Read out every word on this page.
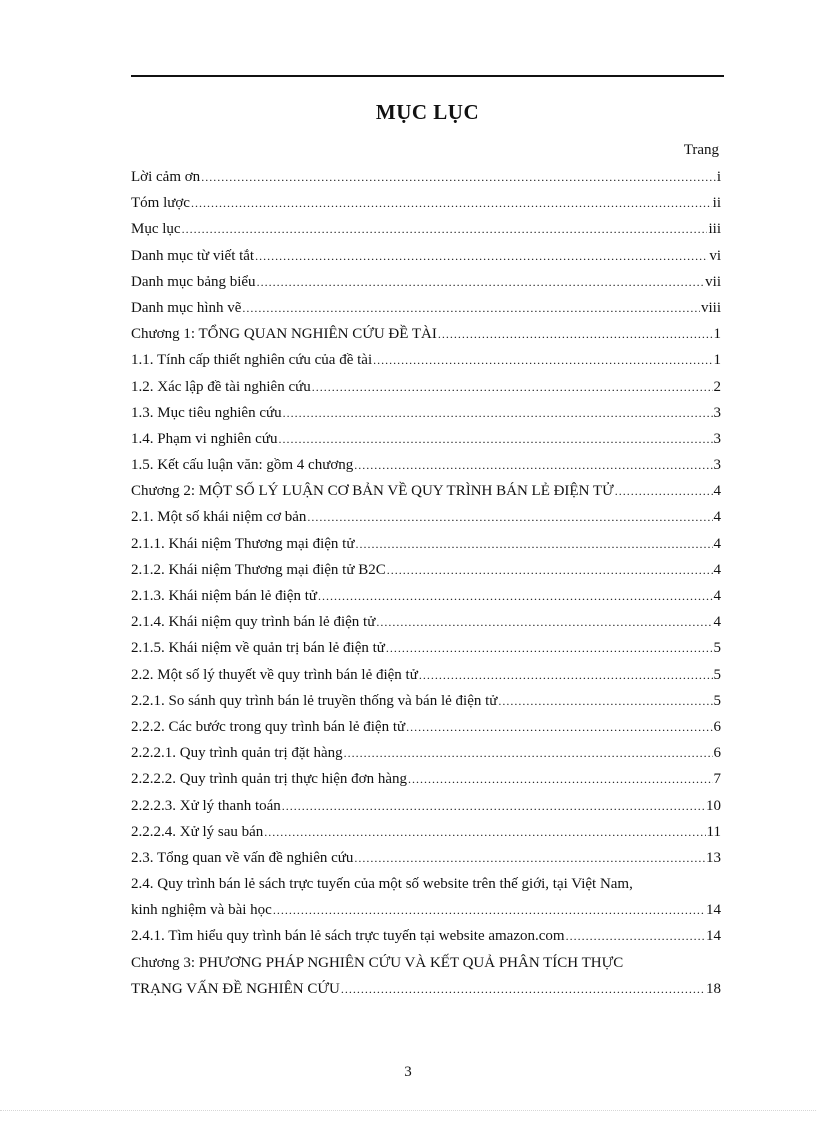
MỤC LỤC
Trang
Lời cảm ơn .....	i
Tóm lược .....	ii
Mục lục .....	iii
Danh mục từ viết tắt .....	vi
Danh mục bảng biểu .....	vii
Danh mục hình vẽ .....	viii
Chương 1: TỔNG QUAN NGHIÊN CỨU ĐỀ TÀI .....	1
1.1. Tính cấp thiết nghiên cứu của đề tài .....	1
1.2. Xác lập đề tài nghiên cứu .....	2
1.3. Mục tiêu nghiên cứu .....	3
1.4. Phạm vi nghiên cứu .....	3
1.5. Kết cấu luận văn: gồm 4 chương .....	3
Chương 2: MỘT SỐ LÝ LUẬN CƠ BẢN VỀ QUY TRÌNH BÁN LẺ ĐIỆN TỬ .....	4
2.1. Một số khái niệm cơ bản .....	4
2.1.1. Khái niệm Thương mại điện tử .....	4
2.1.2. Khái niệm Thương mại điện tử B2C .....	4
2.1.3. Khái niệm bán lẻ điện tử .....	4
2.1.4. Khái niệm quy trình bán lẻ điện tử .....	4
2.1.5. Khái niệm về quản trị bán lẻ điện tử .....	5
2.2. Một số lý thuyết về quy trình bán lẻ điện tử .....	5
2.2.1. So sánh quy trình bán lẻ truyền thống và bán lẻ điện tử .....	5
2.2.2. Các bước trong quy trình bán lẻ điện tử .....	6
2.2.2.1. Quy trình quản trị đặt hàng .....	6
2.2.2.2. Quy trình quản trị thực hiện đơn hàng .....	7
2.2.2.3. Xử lý thanh toán .....	10
2.2.2.4. Xử lý sau bán .....	11
2.3. Tổng quan về vấn đề nghiên cứu .....	13
2.4. Quy trình bán lẻ sách trực tuyến của một số website trên thế giới, tại Việt Nam,
kinh nghiệm và bài học .....	14
2.4.1. Tìm hiểu quy trình bán lẻ sách trực tuyến tại website amazon.com .....	14
Chương 3: PHƯƠNG PHÁP NGHIÊN CỨU VÀ KẾT QUẢ PHÂN TÍCH THỰC
TRẠNG VẤN ĐỀ NGHIÊN CỨU .....	18
3
